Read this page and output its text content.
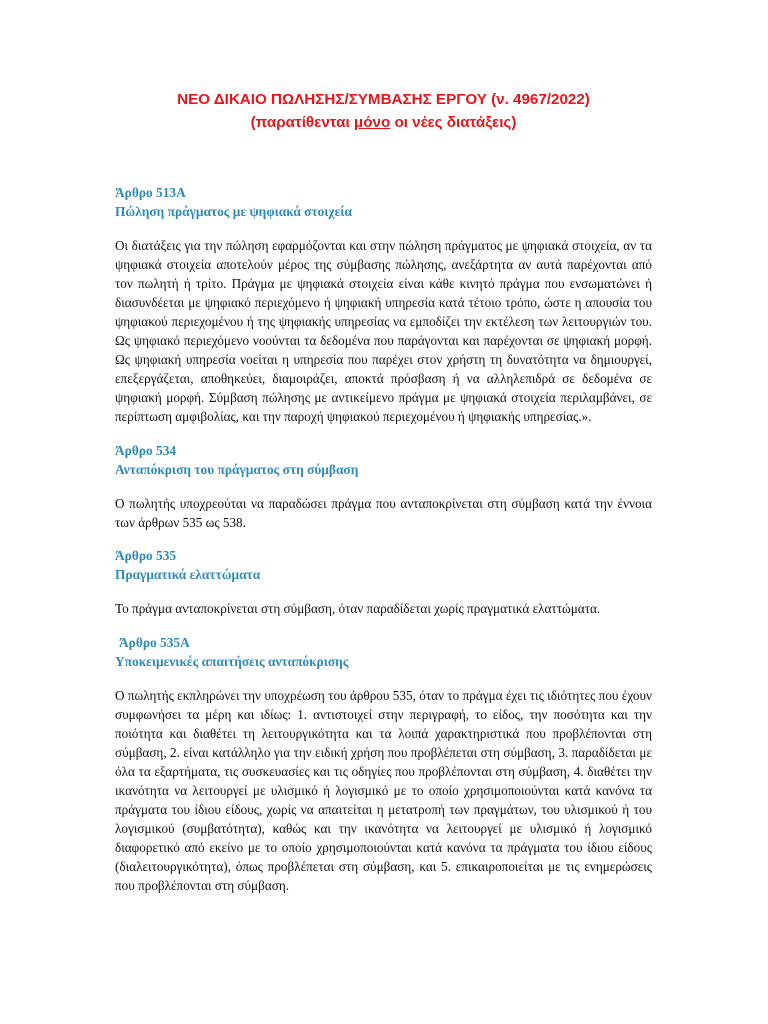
ΝΕΟ ΔΙΚΑΙΟ ΠΩΛΗΣΗΣ/ΣΥΜΒΑΣΗΣ ΕΡΓΟΥ (ν. 4967/2022)
(παρατίθενται μόνο οι νέες διατάξεις)
Άρθρο 513Α
Πώληση πράγματος με ψηφιακά στοιχεία
Οι διατάξεις για την πώληση εφαρμόζονται και στην πώληση πράγματος με ψηφιακά στοιχεία, αν τα ψηφιακά στοιχεία αποτελούν μέρος της σύμβασης πώλησης, ανεξάρτητα αν αυτά παρέχονται από τον πωλητή ή τρίτο. Πράγμα με ψηφιακά στοιχεία είναι κάθε κινητό πράγμα που ενσωματώνει ή διασυνδέεται με ψηφιακό περιεχόμενο ή ψηφιακή υπηρεσία κατά τέτοιο τρόπο, ώστε η απουσία του ψηφιακού περιεχομένου ή της ψηφιακής υπηρεσίας να εμποδίζει την εκτέλεση των λειτουργιών του. Ως ψηφιακό περιεχόμενο νοούνται τα δεδομένα που παράγονται και παρέχονται σε ψηφιακή μορφή. Ως ψηφιακή υπηρεσία νοείται η υπηρεσία που παρέχει στον χρήστη τη δυνατότητα να δημιουργεί, επεξεργάζεται, αποθηκεύει, διαμοιράζει, αποκτά πρόσβαση ή να αλληλεπιδρά σε δεδομένα σε ψηφιακή μορφή. Σύμβαση πώλησης με αντικείμενο πράγμα με ψηφιακά στοιχεία περιλαμβάνει, σε περίπτωση αμφιβολίας, και την παροχή ψηφιακού περιεχομένου ή ψηφιακής υπηρεσίας.».
Άρθρο 534
Ανταπόκριση του πράγματος στη σύμβαση
Ο πωλητής υποχρεούται να παραδώσει πράγμα που ανταποκρίνεται στη σύμβαση κατά την έννοια των άρθρων 535 ως 538.
Άρθρο 535
Πραγματικά ελαττώματα
Το πράγμα ανταποκρίνεται στη σύμβαση, όταν παραδίδεται χωρίς πραγματικά ελαττώματα.
Άρθρο 535Α
Υποκειμενικές απαιτήσεις ανταπόκρισης
Ο πωλητής εκπληρώνει την υποχρέωση του άρθρου 535, όταν το πράγμα έχει τις ιδιότητες που έχουν συμφωνήσει τα μέρη και ιδίως: 1. αντιστοιχεί στην περιγραφή, το είδος, την ποσότητα και την ποιότητα και διαθέτει τη λειτουργικότητα και τα λοιπά χαρακτηριστικά που προβλέπονται στη σύμβαση, 2. είναι κατάλληλο για την ειδική χρήση που προβλέπεται στη σύμβαση, 3. παραδίδεται με όλα τα εξαρτήματα, τις συσκευασίες και τις οδηγίες που προβλέπονται στη σύμβαση, 4. διαθέτει την ικανότητα να λειτουργεί με υλισμικό ή λογισμικό με το οποίο χρησιμοποιούνται κατά κανόνα τα πράγματα του ίδιου είδους, χωρίς να απαιτείται η μετατροπή των πραγμάτων, του υλισμικού ή του λογισμικού (συμβατότητα), καθώς και την ικανότητα να λειτουργεί με υλισμικό ή λογισμικό διαφορετικό από εκείνο με το οποίο χρησιμοποιούνται κατά κανόνα τα πράγματα του ίδιου είδους (διαλειτουργικότητα), όπως προβλέπεται στη σύμβαση, και 5. επικαιροποιείται με τις ενημερώσεις που προβλέπονται στη σύμβαση.
